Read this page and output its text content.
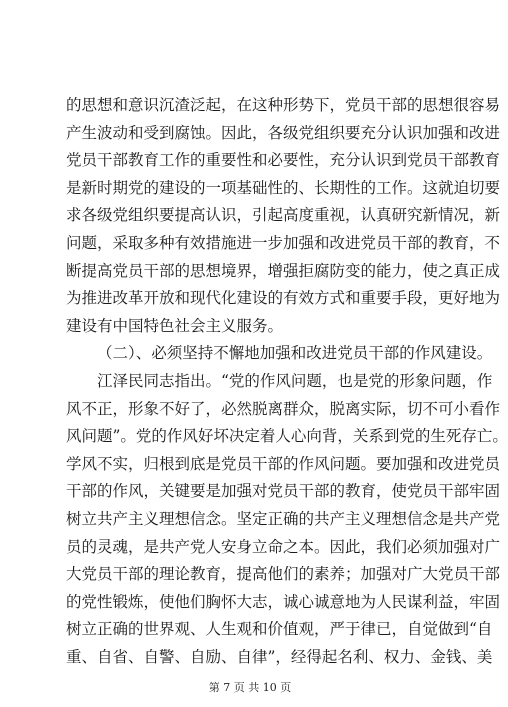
的思想和意识沉渣泛起，在这种形势下，党员干部的思想很容易
产生波动和受到腐蚀。因此，各级党组织要充分认识加强和改进
党员干部教育工作的重要性和必要性，充分认识到党员干部教育
是新时期党的建设的一项基础性的、长期性的工作。这就迫切要
求各级党组织要提高认识，引起高度重视，认真研究新情况，新
问题，采取多种有效措施进一步加强和改进党员干部的教育，不
断提高党员干部的思想境界，增强拒腐防变的能力，使之真正成
为推进改革开放和现代化建设的有效方式和重要手段，更好地为
建设有中国特色社会主义服务。
（二）、必须坚持不懈地加强和改进党员干部的作风建设。
江泽民同志指出。“党的作风问题，也是党的形象问题，作
风不正，形象不好了，必然脱离群众，脱离实际，切不可小看作
风问题”。党的作风好坏决定着人心向背，关系到党的生死存亡。
学风不实，归根到底是党员干部的作风问题。要加强和改进党员
干部的作风，关键要是加强对党员干部的教育，使党员干部牢固
树立共产主义理想信念。坚定正确的共产主义理想信念是共产党
员的灵魂，是共产党人安身立命之本。因此，我们必须加强对广
大党员干部的理论教育，提高他们的素养；加强对广大党员干部
的党性锻炼，使他们胸怀大志，诚心诚意地为人民谋利益，牢固
树立正确的世界观、人生观和价值观，严于律已，自觉做到“自
重、自省、自警、自励、自律”，经得起名利、权力、金钱、美
第 7 页 共 10 页
